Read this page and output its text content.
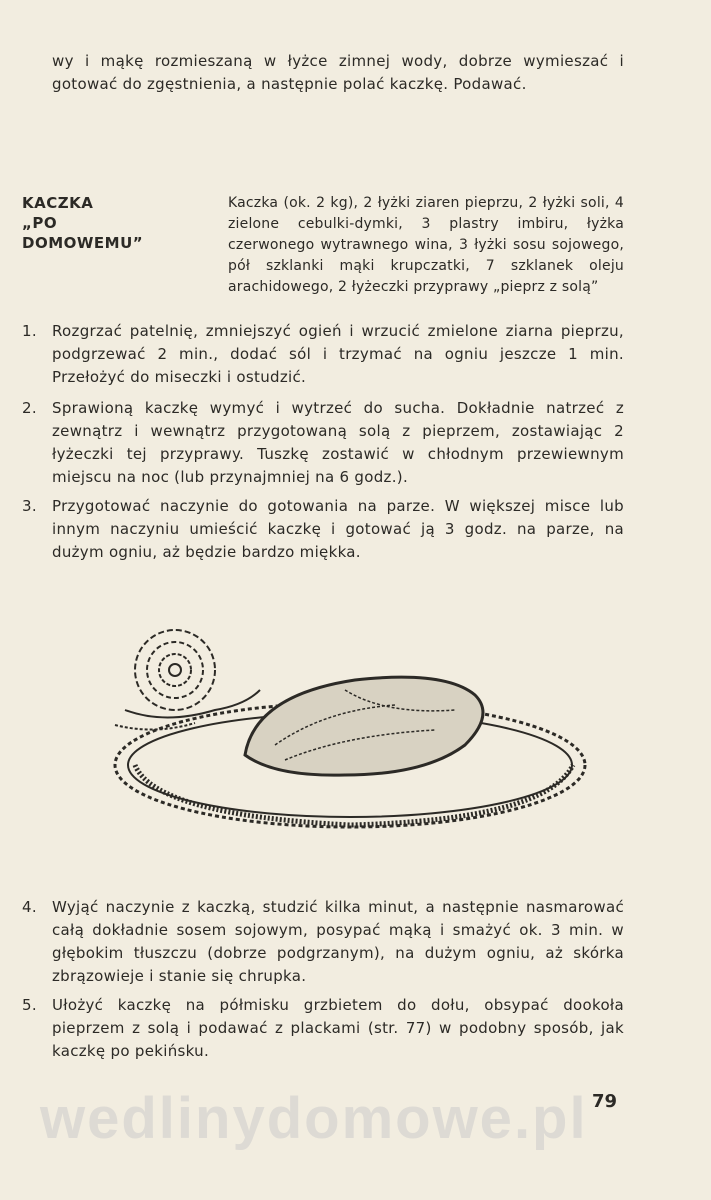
wy i mąkę rozmieszaną w łyżce zimnej wody, dobrze wymieszać i gotować do zgęstnienia, a następnie polać kaczkę. Podawać.
KACZKA
„PO
DOMOWEMU”
Kaczka (ok. 2 kg), 2 łyżki ziaren pieprzu, 2 łyżki soli, 4 zielone cebulki-dymki, 3 plastry imbiru, łyżka czerwonego wytrawnego wina, 3 łyżki sosu sojowego, pół szklanki mąki krupczatki, 7 szklanek oleju arachidowego, 2 łyżeczki przyprawy „pieprz z solą”
1. Rozgrzać patelnię, zmniejszyć ogień i wrzucić zmielone ziarna pieprzu, podgrzewać 2 min., dodać sól i trzymać na ogniu jeszcze 1 min. Przełożyć do miseczki i ostudzić.
2. Sprawioną kaczkę wymyć i wytrzeć do sucha. Dokładnie natrzeć z zewnątrz i wewnątrz przygotowaną solą z pieprzem, zostawiając 2 łyżeczki tej przyprawy. Tuszkę zostawić w chłodnym przewiewnym miejscu na noc (lub przynajmniej na 6 godz.).
3. Przygotować naczynie do gotowania na parze. W większej misce lub innym naczyniu umieścić kaczkę i gotować ją 3 godz. na parze, na dużym ogniu, aż będzie bardzo miękka.
4. Wyjąć naczynie z kaczką, studzić kilka minut, a następnie nasmarować całą dokładnie sosem sojowym, posypać mąką i smażyć ok. 3 min. w głębokim tłuszczu (dobrze podgrzanym), na dużym ogniu, aż skórka zbrązowieje i stanie się chrupka.
5. Ułożyć kaczkę na półmisku grzbietem do dołu, obsypać dookoła pieprzem z solą i podawać z plackami (str. 77) w podobny sposób, jak kaczkę po pekińsku.
wedlinydomowe.pl 79
